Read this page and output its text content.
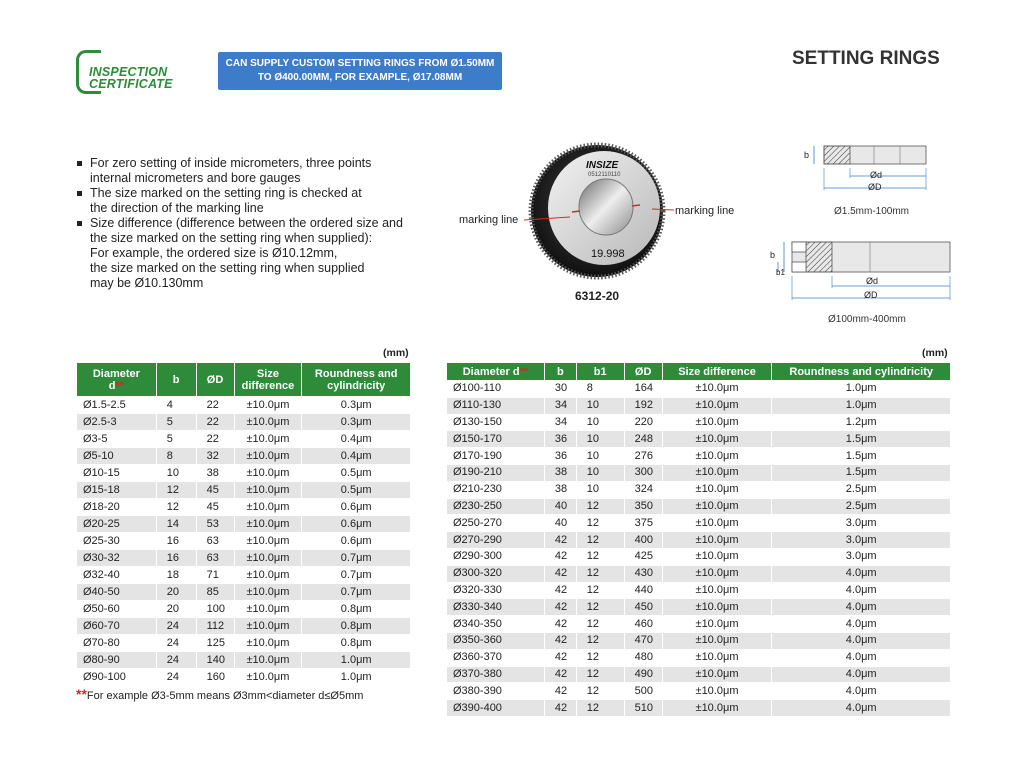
INSPECTION
CERTIFICATE
CAN SUPPLY CUSTOM SETTING RINGS FROM Ø1.50MM
TO Ø400.00MM, FOR EXAMPLE, Ø17.08MM
SETTING RINGS
For zero setting of inside micrometers, three points
internal micrometers and bore gauges
The size marked on the setting ring is checked at
the direction of the marking line
Size difference (difference between the ordered size and
the size marked on the setting ring when supplied):
For example, the ordered size is Ø10.12mm,
the size marked on the setting ring when supplied
may be Ø10.130mm
INSIZE
0512110110
19.998
marking line
marking line
6312-20
b
Ød
ØD
Ø1.5mm-100mm
b
b1
Ød
ØD
Ø100mm-400mm
(mm)	(mm)
Diameter
d**	b	ØD	Size difference	Roundness and cylindricity
Ø1.5-2.5	4	22	±10.0μm	0.3μm
Ø2.5-3	5	22	±10.0μm	0.3μm
Ø3-5	5	22	±10.0μm	0.4μm
Ø5-10	8	32	±10.0μm	0.4μm
Ø10-15	10	38	±10.0μm	0.5μm
Ø15-18	12	45	±10.0μm	0.5μm
Ø18-20	12	45	±10.0μm	0.6μm
Ø20-25	14	53	±10.0μm	0.6μm
Ø25-30	16	63	±10.0μm	0.6μm
Ø30-32	16	63	±10.0μm	0.7μm
Ø32-40	18	71	±10.0μm	0.7μm
Ø40-50	20	85	±10.0μm	0.7μm
Ø50-60	20	100	±10.0μm	0.8μm
Ø60-70	24	112	±10.0μm	0.8μm
Ø70-80	24	125	±10.0μm	0.8μm
Ø80-90	24	140	±10.0μm	1.0μm
Ø90-100	24	160	±10.0μm	1.0μm
Diameter d**	b	b1	ØD	Size difference	Roundness and cylindricity
Ø100-110	30	8	164	±10.0μm	1.0μm
Ø110-130	34	10	192	±10.0μm	1.0μm
Ø130-150	34	10	220	±10.0μm	1.2μm
Ø150-170	36	10	248	±10.0μm	1.5μm
Ø170-190	36	10	276	±10.0μm	1.5μm
Ø190-210	38	10	300	±10.0μm	1.5μm
Ø210-230	38	10	324	±10.0μm	2.5μm
Ø230-250	40	12	350	±10.0μm	2.5μm
Ø250-270	40	12	375	±10.0μm	3.0μm
Ø270-290	42	12	400	±10.0μm	3.0μm
Ø290-300	42	12	425	±10.0μm	3.0μm
Ø300-320	42	12	430	±10.0μm	4.0μm
Ø320-330	42	12	440	±10.0μm	4.0μm
Ø330-340	42	12	450	±10.0μm	4.0μm
Ø340-350	42	12	460	±10.0μm	4.0μm
Ø350-360	42	12	470	±10.0μm	4.0μm
Ø360-370	42	12	480	±10.0μm	4.0μm
Ø370-380	42	12	490	±10.0μm	4.0μm
Ø380-390	42	12	500	±10.0μm	4.0μm
Ø390-400	42	12	510	±10.0μm	4.0μm
**For example Ø3-5mm means Ø3mm<diameter d≤Ø5mm
